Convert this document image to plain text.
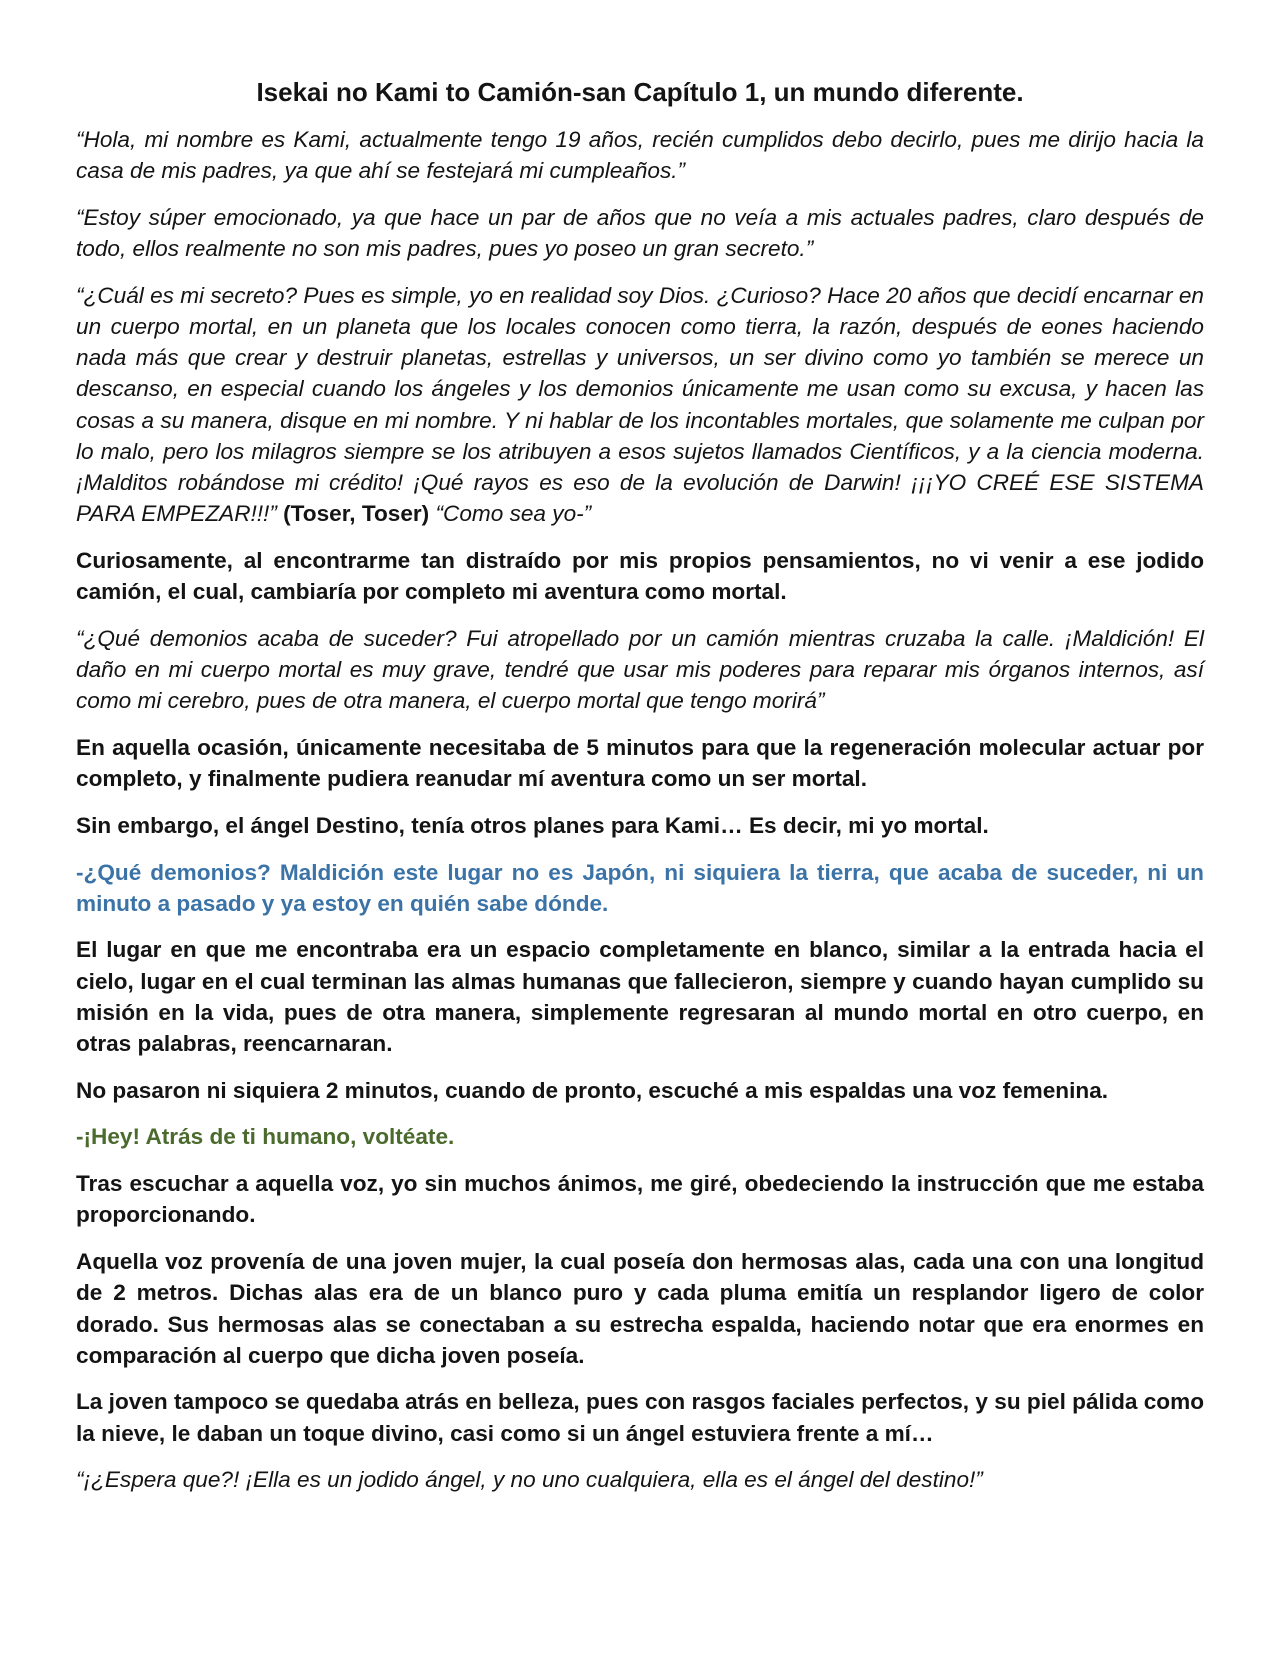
Isekai no Kami to Camión-san Capítulo 1, un mundo diferente.

“Hola, mi nombre es Kami, actualmente tengo 19 años, recién cumplidos debo decirlo, pues me dirijo hacia la casa de mis padres, ya que ahí se festejará mi cumpleaños.”

“Estoy súper emocionado, ya que hace un par de años que no veía a mis actuales padres, claro después de todo, ellos realmente no son mis padres, pues yo poseo un gran secreto.”

“¿Cuál es mi secreto? Pues es simple, yo en realidad soy Dios. ¿Curioso? Hace 20 años que decidí encarnar en un cuerpo mortal, en un planeta que los locales conocen como tierra, la razón, después de eones haciendo nada más que crear y destruir planetas, estrellas y universos, un ser divino como yo también se merece un descanso, en especial cuando los ángeles y los demonios únicamente me usan como su excusa, y hacen las cosas a su manera, disque en mi nombre. Y ni hablar de los incontables mortales, que solamente me culpan por lo malo, pero los milagros siempre se los atribuyen a esos sujetos llamados Científicos, y a la ciencia moderna. ¡Malditos robándose mi crédito! ¡Qué rayos es eso de la evolución de Darwin! ¡¡¡YO CREÉ ESE SISTEMA PARA EMPEZAR!!!” (Toser, Toser) “Como sea yo-”

Curiosamente, al encontrarme tan distraído por mis propios pensamientos, no vi venir a ese jodido camión, el cual, cambiaría por completo mi aventura como mortal.

“¿Qué demonios acaba de suceder? Fui atropellado por un camión mientras cruzaba la calle. ¡Maldición! El daño en mi cuerpo mortal es muy grave, tendré que usar mis poderes para reparar mis órganos internos, así como mi cerebro, pues de otra manera, el cuerpo mortal que tengo morirá”

En aquella ocasión, únicamente necesitaba de 5 minutos para que la regeneración molecular actuar por completo, y finalmente pudiera reanudar mí aventura como un ser mortal.

Sin embargo, el ángel Destino, tenía otros planes para Kami… Es decir, mi yo mortal.

-¿Qué demonios? Maldición este lugar no es Japón, ni siquiera la tierra, que acaba de suceder, ni un minuto a pasado y ya estoy en quién sabe dónde.

El lugar en que me encontraba era un espacio completamente en blanco, similar a la entrada hacia el cielo, lugar en el cual terminan las almas humanas que fallecieron, siempre y cuando hayan cumplido su misión en la vida, pues de otra manera, simplemente regresaran al mundo mortal en otro cuerpo, en otras palabras, reencarnaran.

No pasaron ni siquiera 2 minutos, cuando de pronto, escuché a mis espaldas una voz femenina.

-¡Hey! Atrás de ti humano, voltéate.

Tras escuchar a aquella voz, yo sin muchos ánimos, me giré, obedeciendo la instrucción que me estaba proporcionando.

Aquella voz provenía de una joven mujer, la cual poseía don hermosas alas, cada una con una longitud de 2 metros. Dichas alas era de un blanco puro y cada pluma emitía un resplandor ligero de color dorado. Sus hermosas alas se conectaban a su estrecha espalda, haciendo notar que era enormes en comparación al cuerpo que dicha joven poseía.

La joven tampoco se quedaba atrás en belleza, pues con rasgos faciales perfectos, y su piel pálida como la nieve, le daban un toque divino, casi como si un ángel estuviera frente a mí…

“¡¿Espera que?! ¡Ella es un jodido ángel, y no uno cualquiera, ella es el ángel del destino!”
